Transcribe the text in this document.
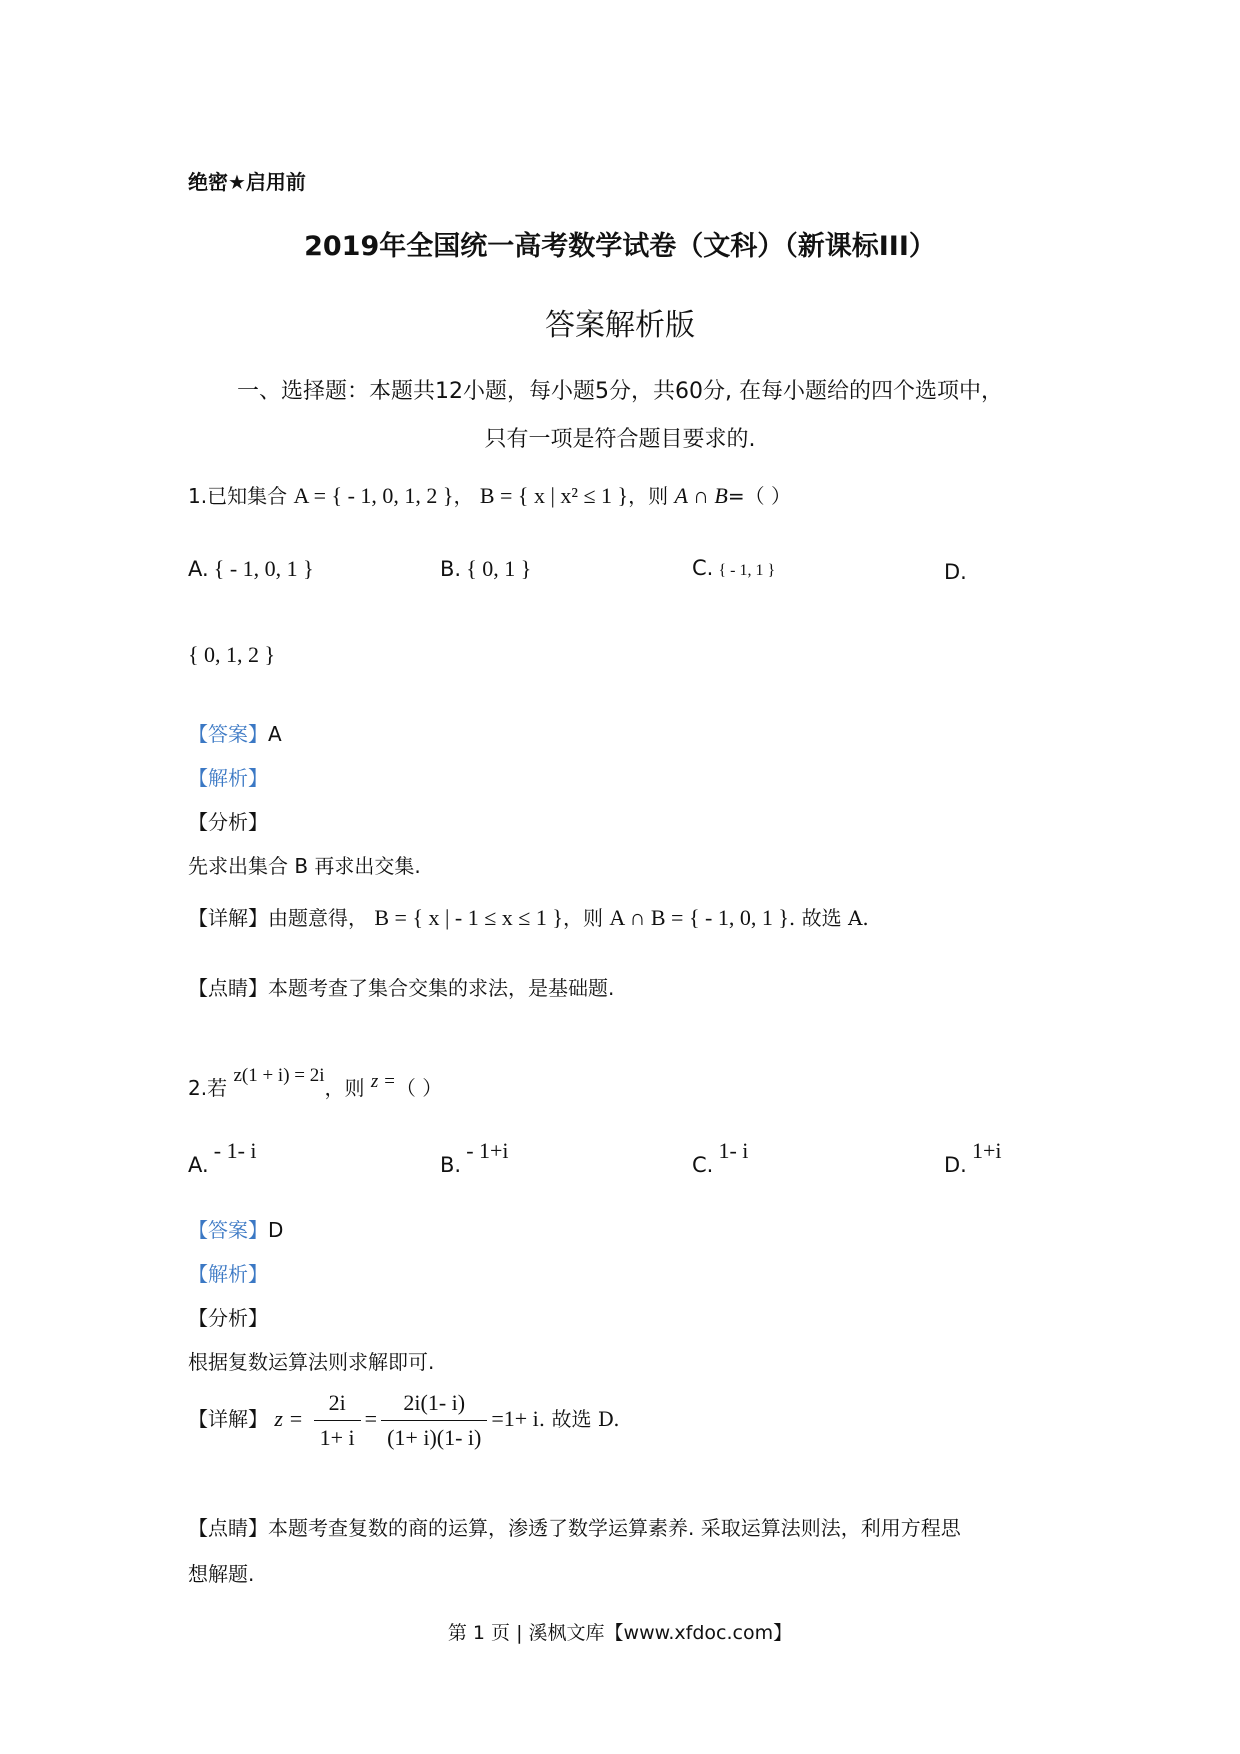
绝密★启用前
2019年全国统一高考数学试卷（文科）（新课标III）
答案解析版
一、选择题：本题共12小题，每小题5分，共60分, 在每小题给的四个选项中，
只有一项是符合题目要求的.
1.已知集合 A = { - 1, 0, 1, 2 }， B = { x | x² ≤ 1 }，则 A ∩ B=（ ）
A. { - 1, 0, 1 }	B. { 0, 1 }	C. { - 1, 1 }	D.
{ 0, 1, 2 }
【答案】A
【解析】
【分析】
先求出集合 B 再求出交集.
【详解】由题意得， B = { x | - 1 ≤ x ≤ 1 }，则 A ∩ B = { - 1, 0, 1 }. 故选 A.
【点睛】本题考查了集合交集的求法，是基础题.
2.若 z(1 + i) = 2i，则 z =（ ）
A. - 1- i
B. - 1+i
C. 1- i
D. 1+i
【答案】D
【解析】
【分析】
根据复数运算法则求解即可.
【详解】 $z = \frac{2i}{1+ i} = \frac{2i(1- i)}{(1+ i)(1- i)} =1+ i$. 故选 D.
【点睛】本题考查复数的商的运算，渗透了数学运算素养. 采取运算法则法，利用方程思
想解题.
第 1 页 | 溪枫文库【www.xfdoc.com】
